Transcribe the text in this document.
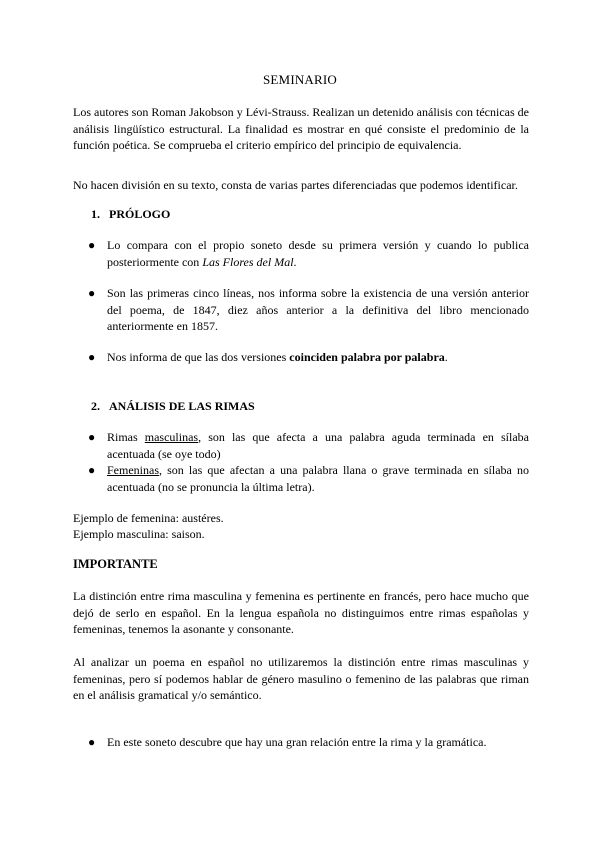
SEMINARIO

Los autores son Roman Jakobson y Lévi-Strauss. Realizan un detenido análisis con técnicas de análisis lingüístico estructural. La finalidad es mostrar en qué consiste el predominio de la función poética. Se comprueba el criterio empírico del principio de equivalencia.

No hacen división en su texto, consta de varias partes diferenciadas que podemos identificar.

1. PRÓLOGO

● Lo compara con el propio soneto desde su primera versión y cuando lo publica posteriormente con Las Flores del Mal.
● Son las primeras cinco líneas, nos informa sobre la existencia de una versión anterior del poema, de 1847, diez años anterior a la definitiva del libro mencionado anteriormente en 1857.
● Nos informa de que las dos versiones coinciden palabra por palabra.

2. ANÁLISIS DE LAS RIMAS

● Rimas masculinas, son las que afecta a una palabra aguda terminada en sílaba acentuada (se oye todo)
● Femeninas, son las que afectan a una palabra llana o grave terminada en sílaba no acentuada (no se pronuncia la última letra).

Ejemplo de femenina: austéres.

Ejemplo masculina: saison.

IMPORTANTE

La distinción entre rima masculina y femenina es pertinente en francés, pero hace mucho que dejó de serlo en español. En la lengua española no distinguimos entre rimas españolas y femeninas, tenemos la asonante y consonante.

Al analizar un poema en español no utilizaremos la distinción entre rimas masculinas y femeninas, pero sí podemos hablar de género masulino o femenino de las palabras que riman en el análisis gramatical y/o semántico.

● En este soneto descubre que hay una gran relación entre la rima y la gramática.
